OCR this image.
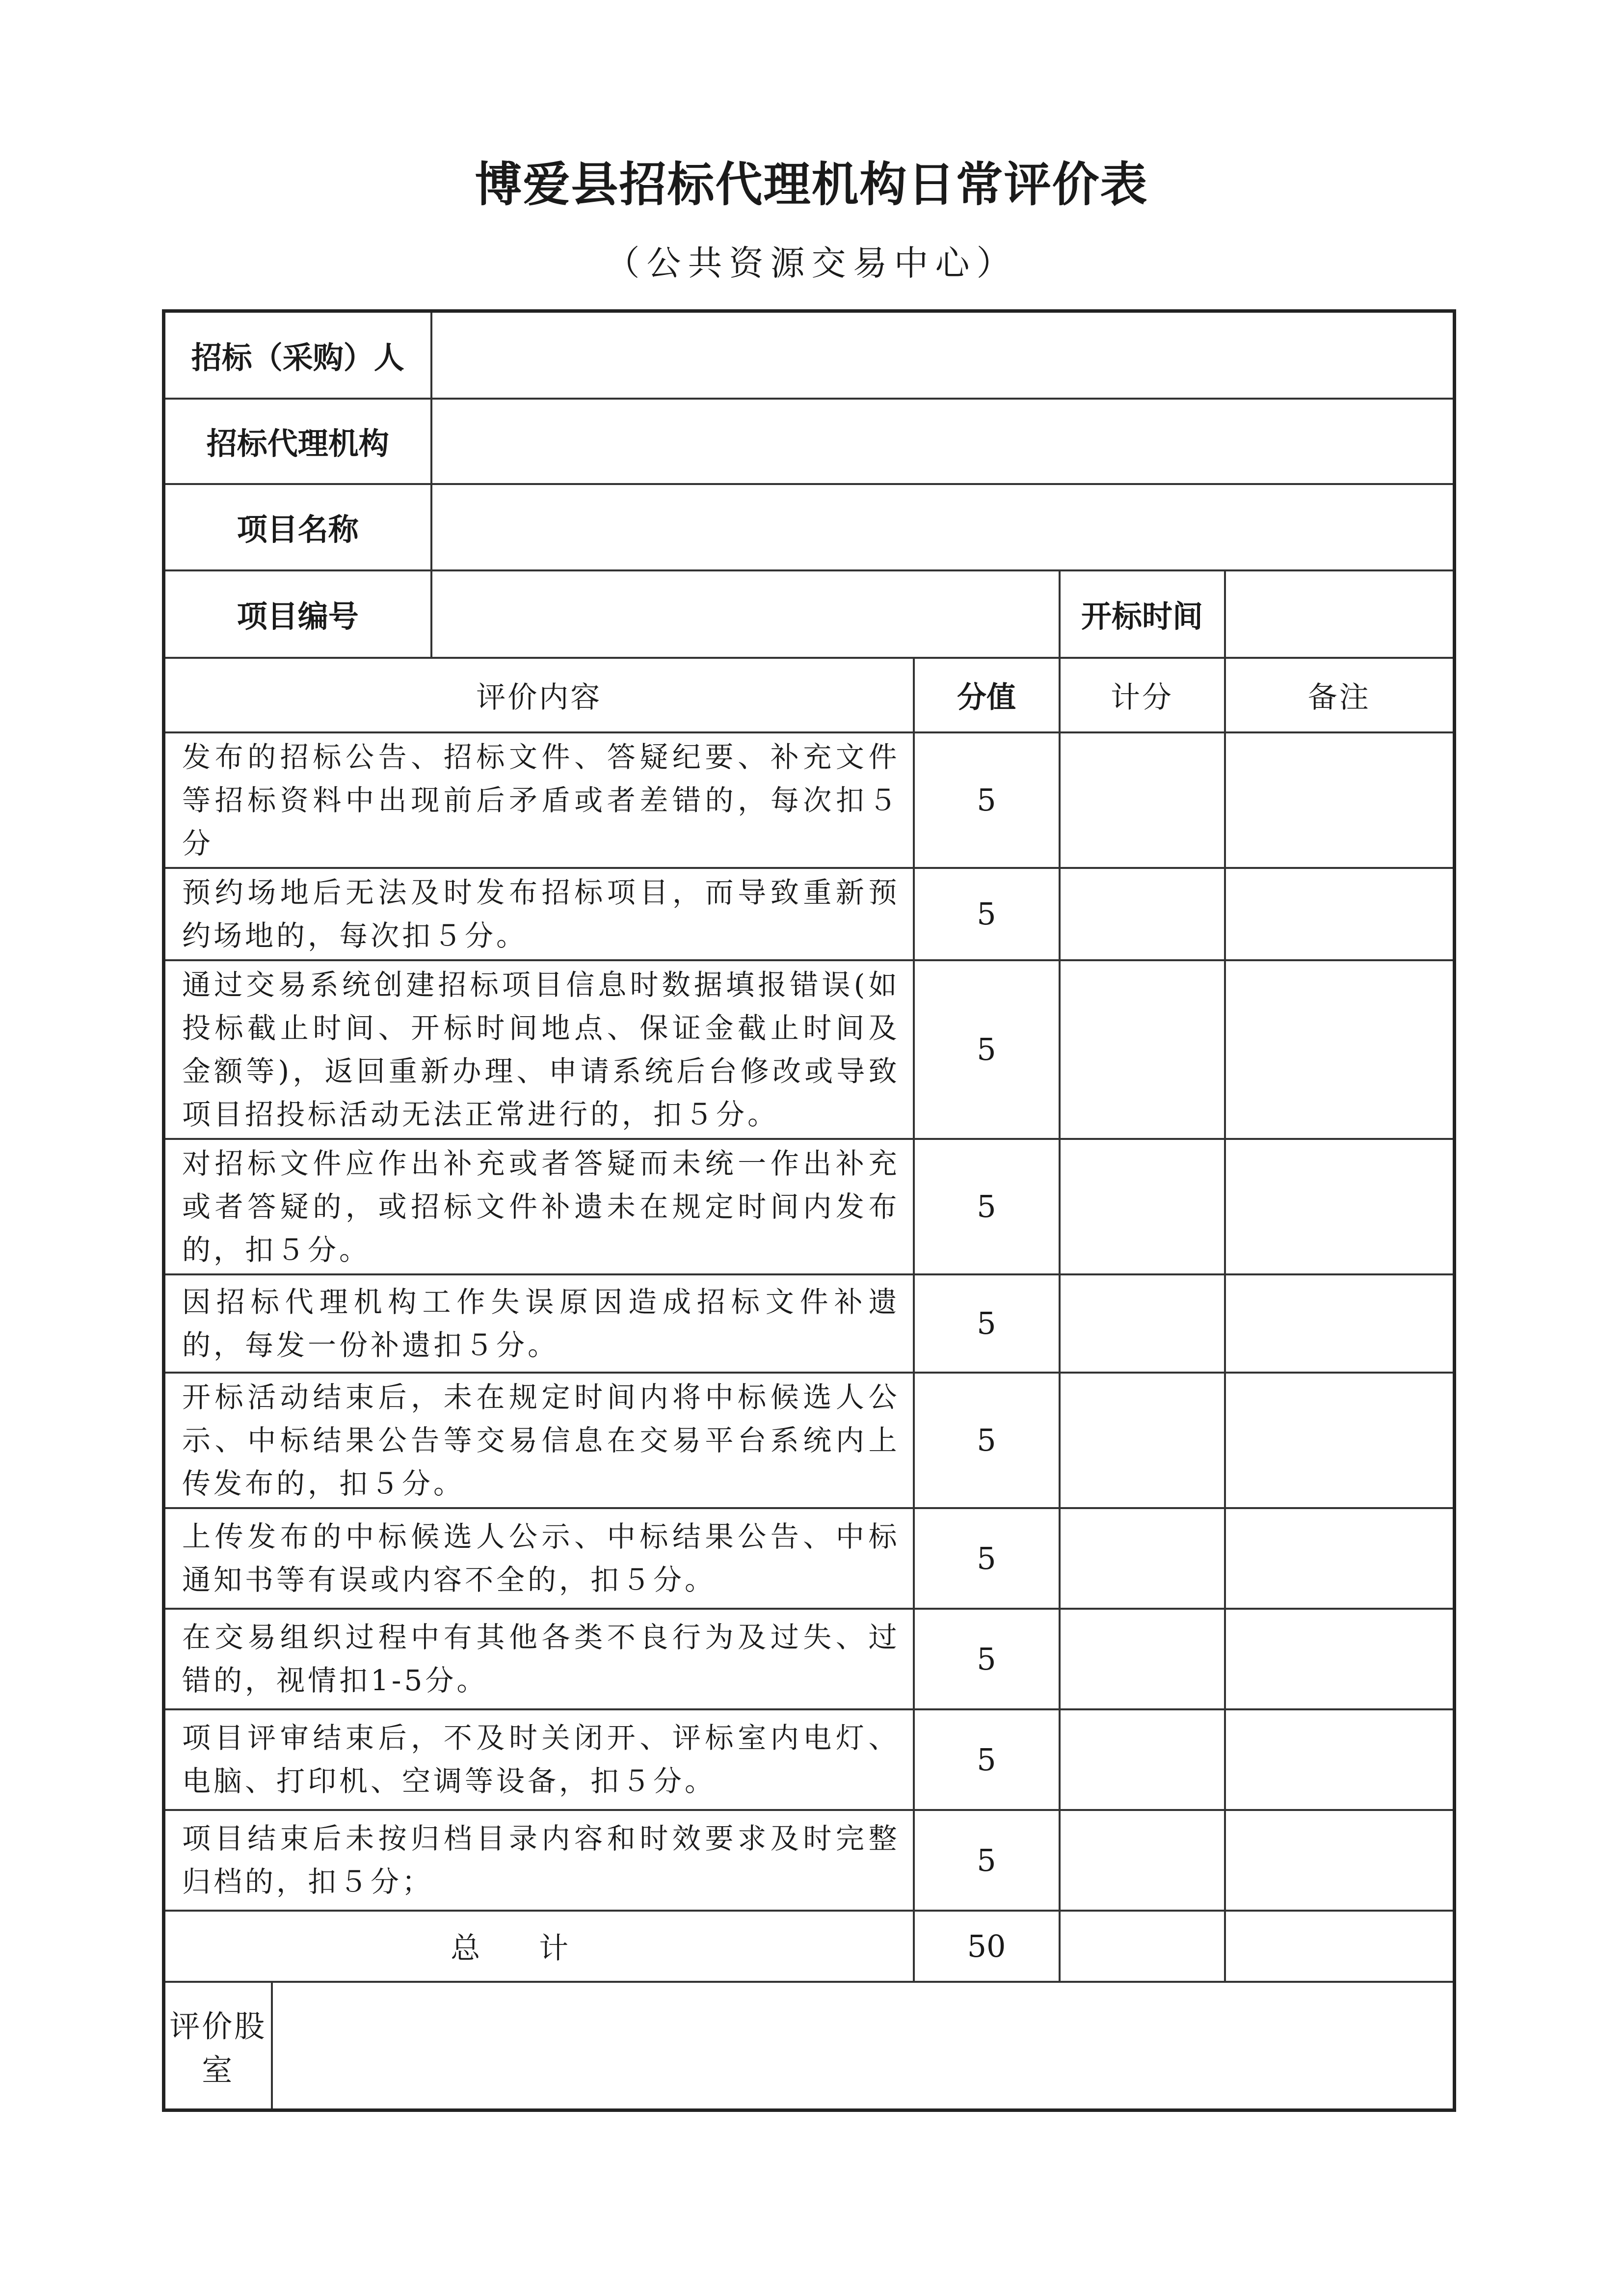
博爱县招标代理机构日常评价表
（公共资源交易中心）
招标（采购）人					
招标代理机构					
项目名称					
项目编号				开标时间	
评价内容			分值	计分	备注
发布的招标公告、招标文件、答疑纪要、补充文件等招标资料中出现前后矛盾或者差错的，每次扣５分			5		
预约场地后无法及时发布招标项目，而导致重新预约场地的，每次扣５分。			5		
通过交易系统创建招标项目信息时数据填报错误(如投标截止时间、开标时间地点、保证金截止时间及金额等)，返回重新办理、申请系统后台修改或导致项目招投标活动无法正常进行的，扣５分。			5		
对招标文件应作出补充或者答疑而未统一作出补充或者答疑的，或招标文件补遗未在规定时间内发布的，扣５分。			5		
因招标代理机构工作失误原因造成招标文件补遗的，每发一份补遗扣５分。			5		
开标活动结束后，未在规定时间内将中标候选人公示、中标结果公告等交易信息在交易平台系统内上传发布的，扣５分。			5		
上传发布的中标候选人公示、中标结果公告、中标通知书等有误或内容不全的，扣５分。			5		
在交易组织过程中有其他各类不良行为及过失、过错的，视情扣1-5分。			5		
项目评审结束后，不及时关闭开、评标室内电灯、电脑、打印机、空调等设备，扣５分。			5		
项目结束后未按归档目录内容和时效要求及时完整归档的，扣５分；			5		
总计			50		
评价股室					
